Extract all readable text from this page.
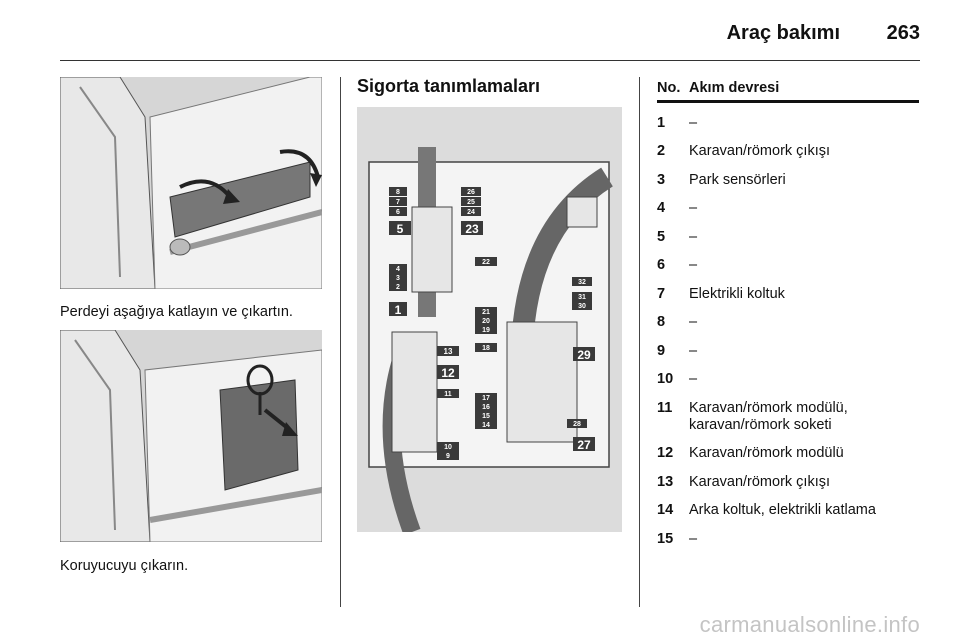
Araç bakımı 263
Perdeyi aşağıya katlayın ve çıkartın.
Koruyucuyu çıkarın.
Sigorta tanımlamaları
8
7
6
5
4
3
2
1
26
25
24
23
22
21
20
19
18
13
12
11
17
16
15
14
10
9
32
31
30
29
28
27
No. Akım devresi
1	–
2	Karavan/römork çıkışı
3	Park sensörleri
4	–
5	–
6	–
7	Elektrikli koltuk
8	–
9	–
10	–
11	Karavan/römork modülü, karavan/römork soketi
12	Karavan/römork modülü
13	Karavan/römork çıkışı
14	Arka koltuk, elektrikli katlama
15	–
carmanualsonline.info
